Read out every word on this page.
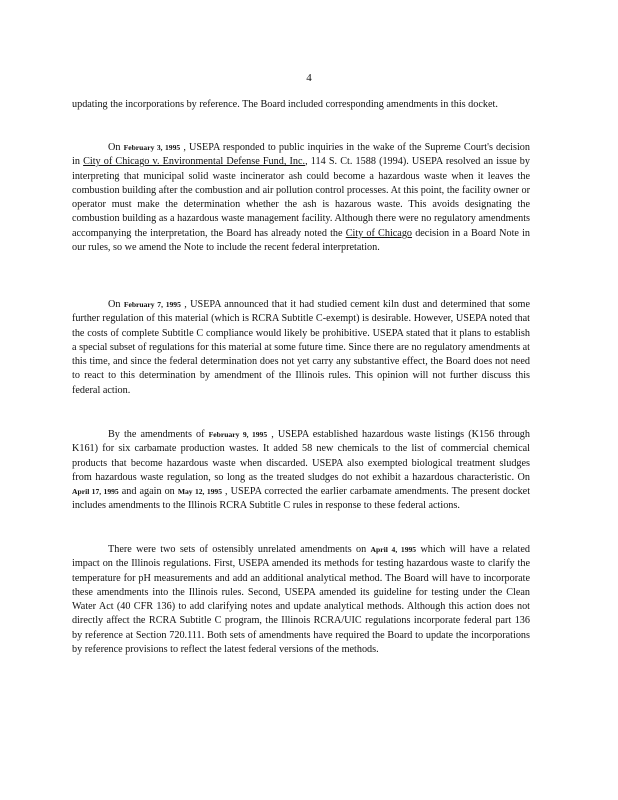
4

updating the incorporations by reference. The Board included corresponding amendments in this docket.

On February 3, 1995 , USEPA responded to public inquiries in the wake of the Supreme Court's decision in City of Chicago v. Environmental Defense Fund, Inc., 114 S. Ct. 1588 (1994). USEPA resolved an issue by interpreting that municipal solid waste incinerator ash could become a hazardous waste when it leaves the combustion building after the combustion and air pollution control processes. At this point, the facility owner or operator must make the determination whether the ash is hazarous waste. This avoids designating the combustion building as a hazardous waste management facility. Although there were no regulatory amendments accompanying the interpretation, the Board has already noted the City of Chicago decision in a Board Note in our rules, so we amend the Note to include the recent federal interpretation.

On February 7, 1995 , USEPA announced that it had studied cement kiln dust and determined that some further regulation of this material (which is RCRA Subtitle C-exempt) is desirable. However, USEPA noted that the costs of complete Subtitle C compliance would likely be prohibitive. USEPA stated that it plans to establish a special subset of regulations for this material at some future time. Since there are no regulatory amendments at this time, and since the federal determination does not yet carry any substantive effect, the Board does not need to react to this determination by amendment of the Illinois rules. This opinion will not further discuss this federal action.

By the amendments of February 9, 1995 , USEPA established hazardous waste listings (K156 through K161) for six carbamate production wastes. It added 58 new chemicals to the list of commercial chemical products that become hazardous waste when discarded. USEPA also exempted biological treatment sludges from hazardous waste regulation, so long as the treated sludges do not exhibit a hazardous characteristic. On April 17, 1995 and again on May 12, 1995 , USEPA corrected the earlier carbamate amendments. The present docket includes amendments to the Illinois RCRA Subtitle C rules in response to these federal actions.

There were two sets of ostensibly unrelated amendments on April 4, 1995 which will have a related impact on the Illinois regulations. First, USEPA amended its methods for testing hazardous waste to clarify the temperature for pH measurements and add an additional analytical method. The Board will have to incorporate these amendments into the Illinois rules. Second, USEPA amended its guideline for testing under the Clean Water Act (40 CFR 136) to add clarifying notes and update analytical methods. Although this action does not directly affect the RCRA Subtitle C program, the Illinois RCRA/UIC regulations incorporate federal part 136 by reference at Section 720.111. Both sets of amendments have required the Board to update the incorporations by reference provisions to reflect the latest federal versions of the methods.
